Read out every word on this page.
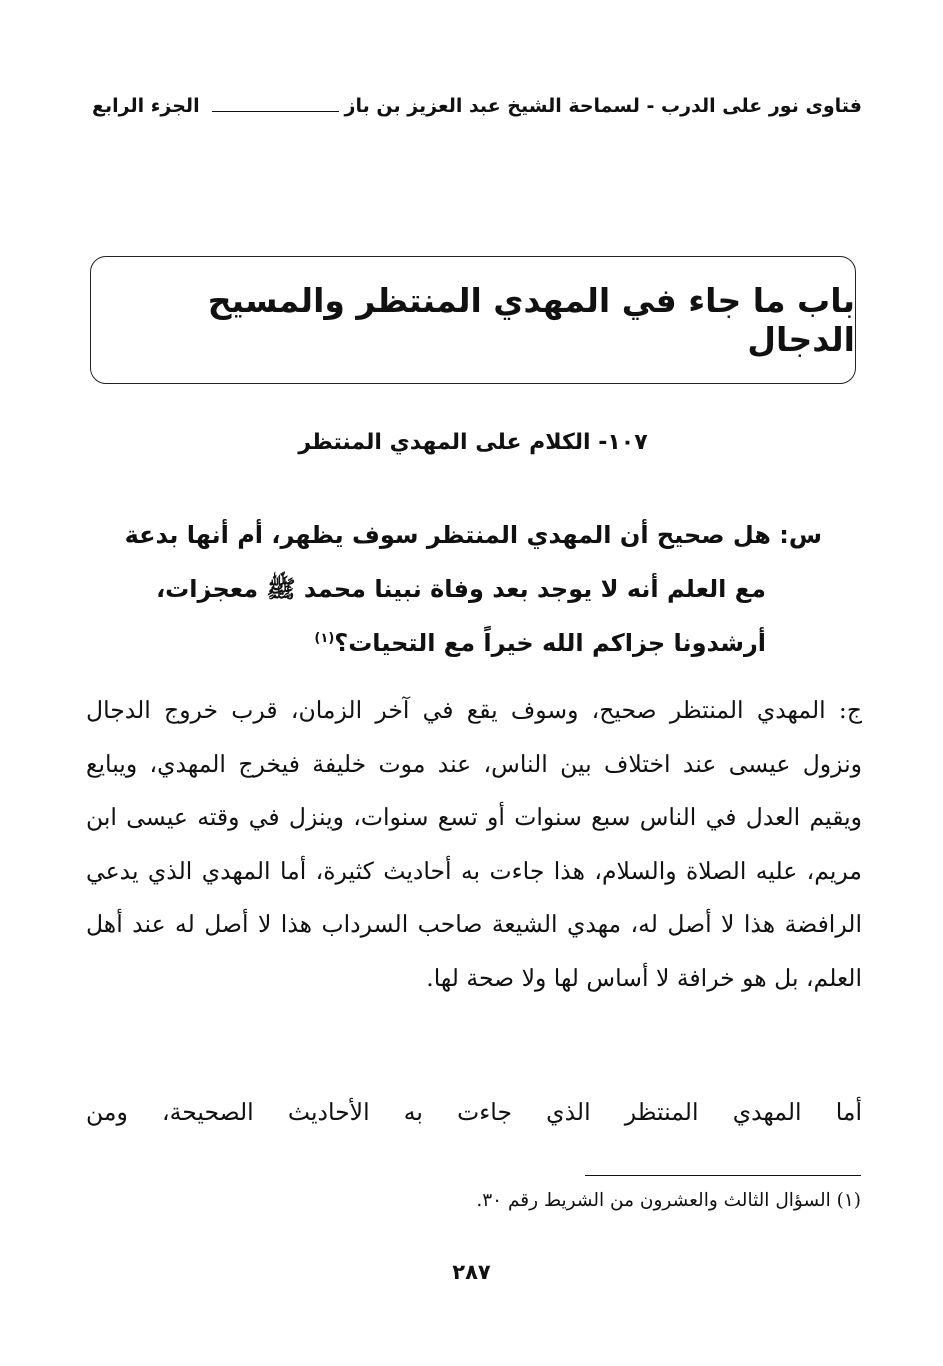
فتاوى نور على الدرب - لسماحة الشيخ عبد العزيز بن باز
الجزء الرابع
باب ما جاء في المهدي المنتظر والمسيح الدجال
١٠٧- الكلام على المهدي المنتظر
س: هل صحيح أن المهدي المنتظر سوف يظهر، أم أنها بدعة
مع العلم أنه لا يوجد بعد وفاة نبينا محمد ﷺ معجزات،
أرشدونا جزاكم الله خيراً مع التحيات؟$^{(١)}$

ج: المهدي المنتظر صحيح، وسوف يقع في آخر الزمان، قرب خروج الدجال ونزول عيسى عند اختلاف بين الناس، عند موت خليفة فيخرج المهدي، ويبايع ويقيم العدل في الناس سبع سنوات أو تسع سنوات، وينزل في وقته عيسى ابن مريم، عليه الصلاة والسلام، هذا جاءت به أحاديث كثيرة، أما المهدي الذي يدعي الرافضة هذا لا أصل له، مهدي الشيعة صاحب السرداب هذا لا أصل له عند أهل العلم، بل هو خرافة لا أساس لها ولا صحة لها.

أما المهدي المنتظر الذي جاءت به الأحاديث الصحيحة، ومن

(١) السؤال الثالث والعشرون من الشريط رقم ٣٠.
٢٨٧
